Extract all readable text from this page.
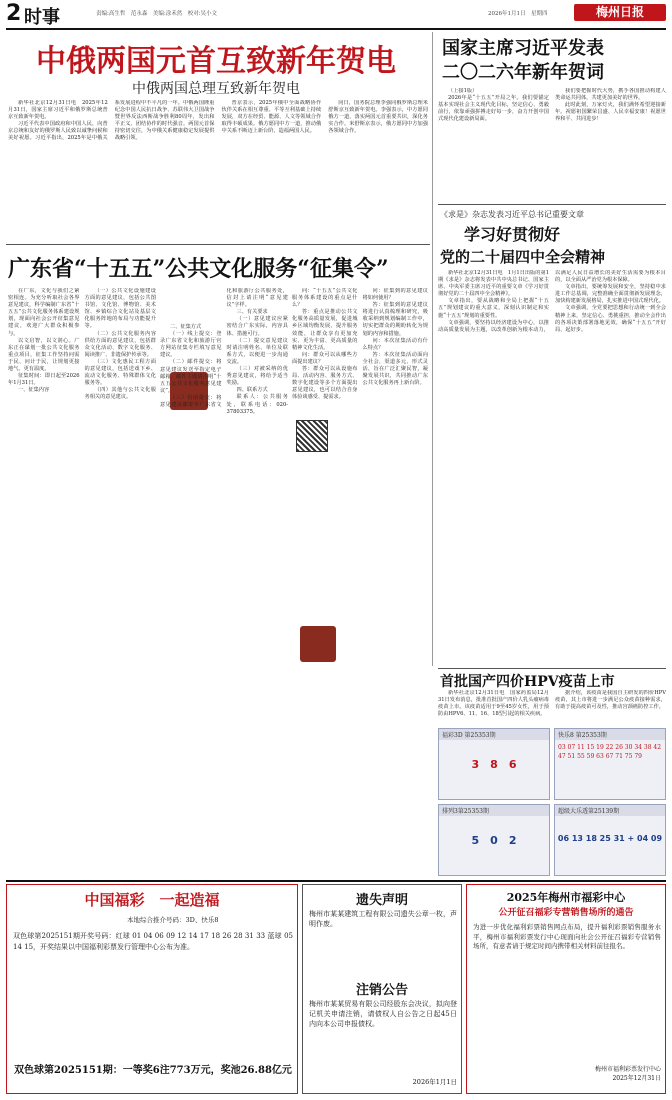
2 时事	责编:高生哲　范永森　美编:涂禾然　校对:吴小文	2026年1月1日　星期四	梅州日报
中俄两国元首互致新年贺电
中俄两国总理互致新年贺电

新华社北京12月31日电　2025年12月31日，国家主席习近平和俄罗斯总统普京互致新年贺电。

习近平代表中国政府和中国人民，向普京总统和友好的俄罗斯人民致以诚挚问候和美好祝愿。习近平指出，2025年是中俄关系发展进程中不平凡的一年。中俄两国隆重纪念中国人民抗日战争、苏联伟大卫国战争暨世界反法西斯战争胜利80周年，发出和平正义、团结协作的时代强音。两国元首保持密切交往，为中俄关系健康稳定发展提供战略引领。

普京表示，2025年俄中全面战略协作伙伴关系在相互尊重、平等互利基础上持续发展，双方在经贸、能源、人文等领域合作取得丰硕成果。俄方愿同中方一道，推动俄中关系不断迈上新台阶，造福两国人民。

同日，国务院总理李强同俄罗斯总理米舒斯京互致新年贺电。李强表示，中方愿同俄方一道，落实两国元首重要共识，深化务实合作。米舒斯京表示，俄方愿同中方加强各领域合作。

国家主席习近平发表
二〇二六年新年贺词

（上接1版）

2026年是“十五五”开局之年。我们要锚定基本实现社会主义现代化目标，坚定信心、勇毅前行，依靠顽强拼搏走好每一步，奋力开创中国式现代化建设新局面。

我们要把握时代大势，携手各国推动构建人类命运共同体，共建更加美好的世界。

此时此刻，万家灯火，我们满怀希望迎接新年。祝愿祖国繁荣昌盛、人民幸福安康！祝愿世界和平、共同进步！

《求是》杂志发表习近平总书记重要文章
学习好贯彻好
党的二十届四中全会精神

新华社北京12月31日电　1月1日出版的第1期《求是》杂志将发表中共中央总书记、国家主席、中央军委主席习近平的重要文章《学习好贯彻好党的二十届四中全会精神》。

文章指出，要从战略和全局上把握“十五五”规划建议的重大意义，深刻认识制定和实施“十五五”规划的重要性。

文章强调，要坚持以经济建设为中心，以推动高质量发展为主题，以改革创新为根本动力，以满足人民日益增长的美好生活需要为根本目的，以全面从严治党为根本保障。

文章指出，要统筹发展和安全，坚持稳中求进工作总基调，完整准确全面贯彻新发展理念，加快构建新发展格局，扎实推进中国式现代化。

文章强调，全党要把思想和行动统一到全会精神上来，坚定信心、勇挑重担，推动全会作出的各项决策部署落地见效，确保“十五五”开好局、起好步。

广东省“十五五”公共文化服务“征集令”

在广东，文化与我们之紧密相连。为充分听取社会各界意见建议，科学编制广东省“十五五”公共文化服务体系建设规划，现面向社会公开征集意见建议，欢迎广大群众积极参与。

以文启智，以文润心。广东正在谋划一批公共文化服务重点项目，征集工作坚持问需于民、问计于民，让规划更接地气、更有温度。

征集时间：即日起至2026年1月31日。

一、征集内容

（一）公共文化设施建设方面的意见建议，包括公共图书馆、文化馆、博物馆、美术馆、乡镇综合文化站及基层文化服务阵地的布局与功能提升等。

（二）公共文化服务内容供给方面的意见建议，包括群众文化活动、数字文化服务、阅读推广、非遗保护传承等。

（三）文化惠民工程方面的意见建议，包括送戏下乡、流动文化服务、特殊群体文化服务等。

（四）其他与公共文化服务相关的意见建议。

二、征集方式

（一）线上提交：登录广东省文化和旅游厅官方网站征集专栏填写意见建议。

（二）邮件提交：将意见建议发送至指定电子邮箱，邮件主题请注明“十五五公共文化服务意见建议”。

（三）信函提交：将意见建议邮寄至广东省文化和旅游厅公共服务处，信封上请注明“意见建议”字样。

三、有关要求

（一）意见建议应紧密结合广东实际，内容具体、措施可行。

（二）提交意见建议时请注明姓名、单位及联系方式，以便进一步沟通交流。

（三）对被采纳的优秀意见建议，将给予适当奖励。

四、联系方式

联系人：公共服务处，联系电话：020-37803375。

问：“十五五”公共文化服务体系建设的重点是什么？

答：重点是推动公共文化服务高质量发展，促进城乡区域均衡发展，提升服务效能，让群众享有更加充实、更为丰富、更高质量的精神文化生活。

问：群众可以从哪些方面提出建议？

答：群众可以从设施布局、活动内容、服务方式、数字化建设等多个方面提出意见建议，也可以结合自身体验谈感受、提需求。

问：征集到的意见建议将如何使用？

答：征集到的意见建议将进行认真梳理和研究，吸收采纳到规划编制工作中，切实把群众的期盼转化为规划的内容和措施。

问：本次征集活动有什么特点？

答：本次征集活动面向全社会，渠道多元、形式灵活，旨在广泛汇聚民智，凝聚发展共识，共同推动广东公共文化服务再上新台阶。

首批国产四价HPV疫苗上市

新华社北京12月31日电　国家药监局12月31日发布消息，批准首批国产四价人乳头瘤病毒疫苗上市。该疫苗适用于9至45岁女性，用于预防由HPV6、11、16、18型引起的相关疾病。

据介绍，该疫苗是我国自主研发的四价HPV疫苗，其上市将进一步满足公众疫苗接种需求，有助于提高疫苗可及性，推动宫颈癌防控工作。

福彩3D 第25353期
3　8　6
快乐8 第25353期
03 07 11 15 19 22 26 30 34 38 42 47 51 55 59 63 67 71 75 79
排列3第25353期
5　0　2
超级大乐透第25139期
06 13 18 25 31 + 04 09
中国福彩　一起造福
本地综合推介号码：3D、快乐8
双色球第2025151期开奖号码：红球 01 04 06 09 12 14 17 18 26 28 31 33 蓝球 05 14 15，开奖结果以中国福利彩票发行管理中心公布为准。
双色球第2025151期：一等奖6注773万元，奖池26.88亿元
遗失声明
梅州市某某建筑工程有限公司遗失公章一枚，声明作废。
注销公告
梅州市某某贸易有限公司经股东会决议，拟向登记机关申请注销，请债权人自公告之日起45日内向本公司申报债权。
2026年1月1日
2025年梅州市福彩中心
公开征召福彩专营销售场所的通告
为进一步优化福利彩票销售网点布局，提升福利彩票销售服务水平，梅州市福利彩票发行中心现面向社会公开征召福彩专营销售场所，有意者请于规定时间内携带相关材料前往报名。
梅州市福利彩票发行中心
2025年12月31日
